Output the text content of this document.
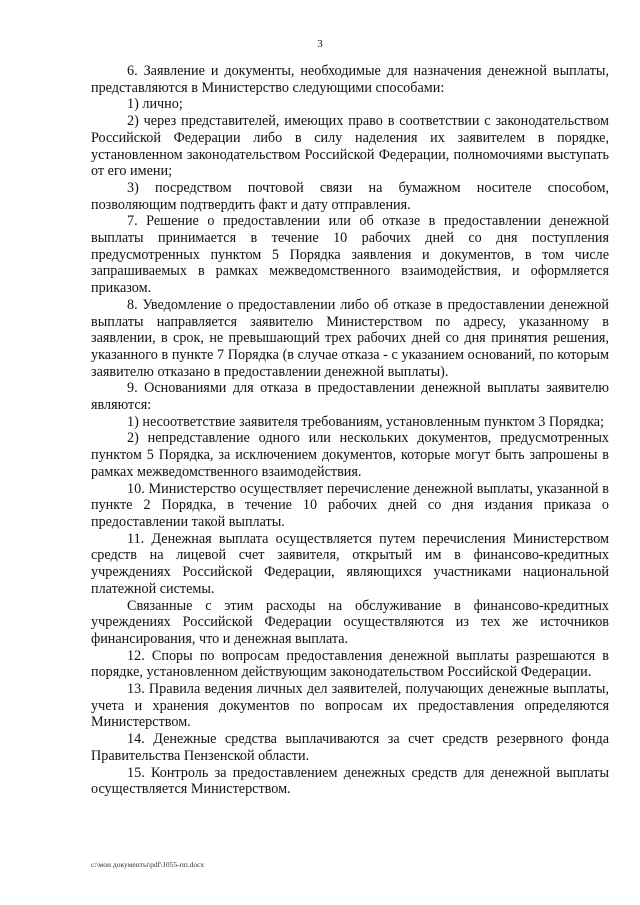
3

6. Заявление и документы, необходимые для назначения денежной выплаты, представляются в Министерство следующими способами:

1) лично;

2) через представителей, имеющих право в соответствии с законодательством Российской Федерации либо в силу наделения их заявителем в порядке, установленном законодательством Российской Федерации, полномочиями выступать от его имени;

3) посредством почтовой связи на бумажном носителе способом, позволяющим подтвердить факт и дату отправления.

7. Решение о предоставлении или об отказе в предоставлении денежной выплаты принимается в течение 10 рабочих дней со дня поступления предусмотренных пунктом 5 Порядка заявления и документов, в том числе запрашиваемых в рамках межведомственного взаимодействия, и оформляется приказом.

8. Уведомление о предоставлении либо об отказе в предоставлении денежной выплаты направляется заявителю Министерством по адресу, указанному в заявлении, в срок, не превышающий трех рабочих дней со дня принятия решения, указанного в пункте 7 Порядка (в случае отказа - с указанием оснований, по которым заявителю отказано в предоставлении денежной выплаты).

9. Основаниями для отказа в предоставлении денежной выплаты заявителю являются:

1) несоответствие заявителя требованиям, установленным пунктом 3 Порядка;

2) непредставление одного или нескольких документов, предусмотренных пунктом 5 Порядка, за исключением документов, которые могут быть запрошены в рамках межведомственного взаимодействия.

10. Министерство осуществляет перечисление денежной выплаты, указанной в пункте 2 Порядка, в течение 10 рабочих дней со дня издания приказа о предоставлении такой выплаты.

11. Денежная выплата осуществляется путем перечисления Министерством средств на лицевой счет заявителя, открытый им в финансово-кредитных учреждениях Российской Федерации, являющихся участниками национальной платежной системы.

Связанные с этим расходы на обслуживание в финансово-кредитных учреждениях Российской Федерации осуществляются из тех же источников финансирования, что и денежная выплата.

12. Споры по вопросам предоставления денежной выплаты разрешаются в порядке, установленном действующим законодательством Российской Федерации.

13. Правила ведения личных дел заявителей, получающих денежные выплаты, учета и хранения документов по вопросам их предоставления определяются Министерством.

14. Денежные средства выплачиваются за счет средств резервного фонда Правительства Пензенской области.

15. Контроль за предоставлением денежных средств для денежной выплаты осуществляется Министерством.

c:\мои документы\pdf\1055-пп.docx
